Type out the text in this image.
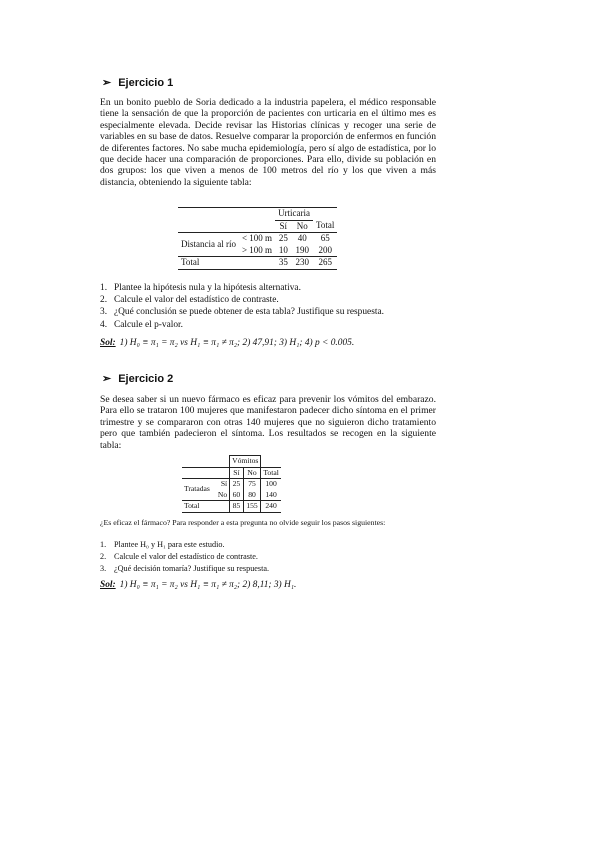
➢ Ejercicio 1
En un bonito pueblo de Soria dedicado a la industria papelera, el médico responsable tiene la sensación de que la proporción de pacientes con urticaria en el último mes es especialmente elevada. Decide revisar las Historias clínicas y recoger una serie de variables en su base de datos. Resuelve comparar la proporción de enfermos en función de diferentes factores. No sabe mucha epidemiología, pero sí algo de estadística, por lo que decide hacer una comparación de proporciones. Para ello, divide su población en dos grupos: los que viven a menos de 100 metros del río y los que viven a más distancia, obteniendo la siguiente tabla:
		Urticaria		
		Sí	No	Total
Distancia al río	< 100 m	25	40	65
	> 100 m	10	190	200
Total		35	230	265
1. Plantee la hipótesis nula y la hipótesis alternativa.
2. Calcule el valor del estadístico de contraste.
3. ¿Qué conclusión se puede obtener de esta tabla? Justifique su respuesta.
4. Calcule el p-valor.
Sol: 1) H₀ ≡ π₁ = π₂ vs H₁ ≡ π₁ ≠ π₂; 2) 47,91; 3) H₁; 4) p < 0.005.
➢ Ejercicio 2
Se desea saber si un nuevo fármaco es eficaz para prevenir los vómitos del embarazo. Para ello se trataron 100 mujeres que manifestaron padecer dicho síntoma en el primer trimestre y se compararon con otras 140 mujeres que no siguieron dicho tratamiento pero que también padecieron el síntoma. Los resultados se recogen en la siguiente tabla:
		Vómitos		
		Sí	No	Total
Tratadas	Sí	25	75	100
	No	60	80	140
Total		85	155	240
¿Es eficaz el fármaco? Para responder a esta pregunta no olvide seguir los pasos siguientes:
1. Plantee H₀ y H₁ para este estudio.
2. Calcule el valor del estadístico de contraste.
3. ¿Qué decisión tomaría? Justifique su respuesta.
Sol: 1) H₀ ≡ π₁ = π₂ vs H₁ ≡ π₁ ≠ π₂; 2) 8,11; 3) H₁.
